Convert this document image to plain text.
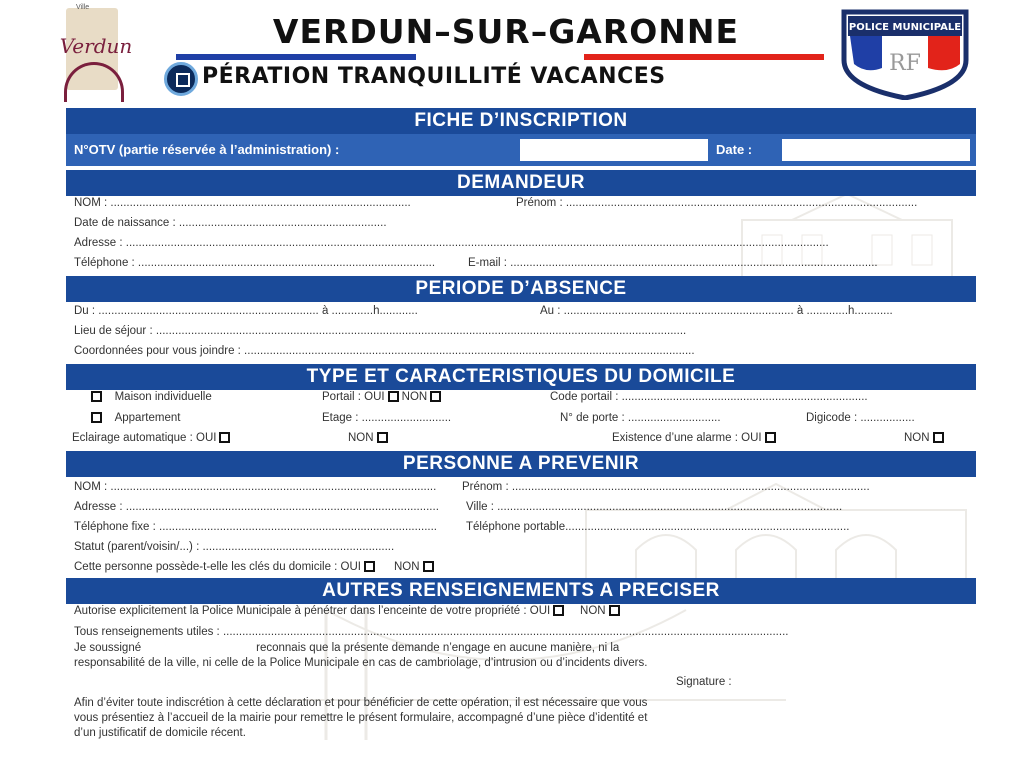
Ville
Verdun	VERDUN–SUR–GARONNE
PÉRATION TRANQUILLITÉ VACANCES
POLICE MUNICIPALE
RF
FICHE D’INSCRIPTION
N°OTV (partie réservée à l’administration) :	Date :
DEMANDEUR
NOM : ..............................................................................................	Prénom : ..............................................................................................................
Date de naissance : .................................................................
Adresse : ............................................................................................................................................................................................................................
Téléphone : .............................................................................................	E-mail : ...................................................................................................................
PERIODE D’ABSENCE
Du : ..................................................................... à .............h............	Au : ........................................................................ à .............h............
Lieu de séjour : ......................................................................................................................................................................
Coordonnées pour vous joindre : .............................................................................................................................................
TYPE ET CARACTERISTIQUES DU DOMICILE
Maison individuelle	Portail : OUI NON	Code portail : .............................................................................
Appartement	Etage : ............................	N° de porte : .............................	Digicode : .................
Eclairage automatique : OUI	NON	Existence d’une alarme : OUI	NON
PERSONNE A PREVENIR
NOM : ...................................................................................................... Prénom : ................................................................................................................
Adresse : .................................................................................................. Ville : ............................................................................................................
Téléphone fixe : .......................................................................................	Téléphone portable.........................................................................................
Statut (parent/voisin/...) : ............................................................
Cette personne possède-t-elle les clés du domicile : OUI	NON
AUTRES RENSEIGNEMENTS A PRECISER
Autorise explicitement la Police Municipale à pénétrer dans l’enceinte de votre propriété : OUI	NON
Tous renseignements utiles : .................................................................................................................................................................................
Je soussigné                                    reconnais que la présente demande n’engage en aucune manière, ni la
responsabilité de la ville, ni celle de la Police Municipale en cas de cambriolage, d’intrusion ou d’incidents divers.
Signature :
Afin d’éviter toute indiscrétion à cette déclaration et pour bénéficier de cette opération, il est nécessaire que vous
vous présentiez à l’accueil de la mairie pour remettre le présent formulaire, accompagné d’une pièce d’identité et
d’un justificatif de domicile récent.
